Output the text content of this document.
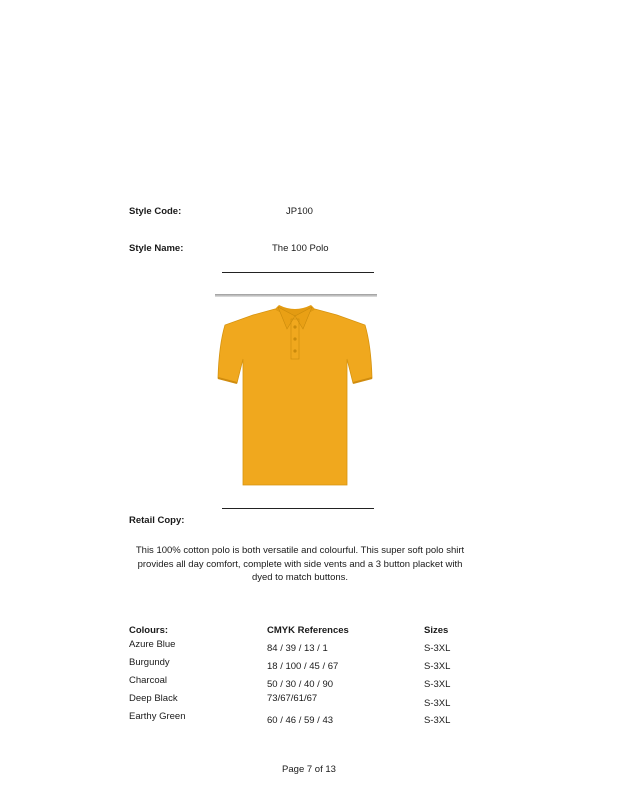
Style Code:	JP100
Style Name:	The 100 Polo
Retail Copy:
This 100% cotton polo is both versatile and colourful. This super soft polo shirt provides all day comfort, complete with side vents and a 3 button placket with dyed to match buttons.
Colours:	CMYK References	Sizes
Azure Blue	84 / 39 / 13 / 1	S-3XL
Burgundy	18 / 100 / 45 / 67	S-3XL
Charcoal	50 / 30 / 40 / 90	S-3XL
Deep Black	73/67/61/67	S-3XL
Earthy Green	60 / 46 / 59 / 43	S-3XL
Page 7 of 13
